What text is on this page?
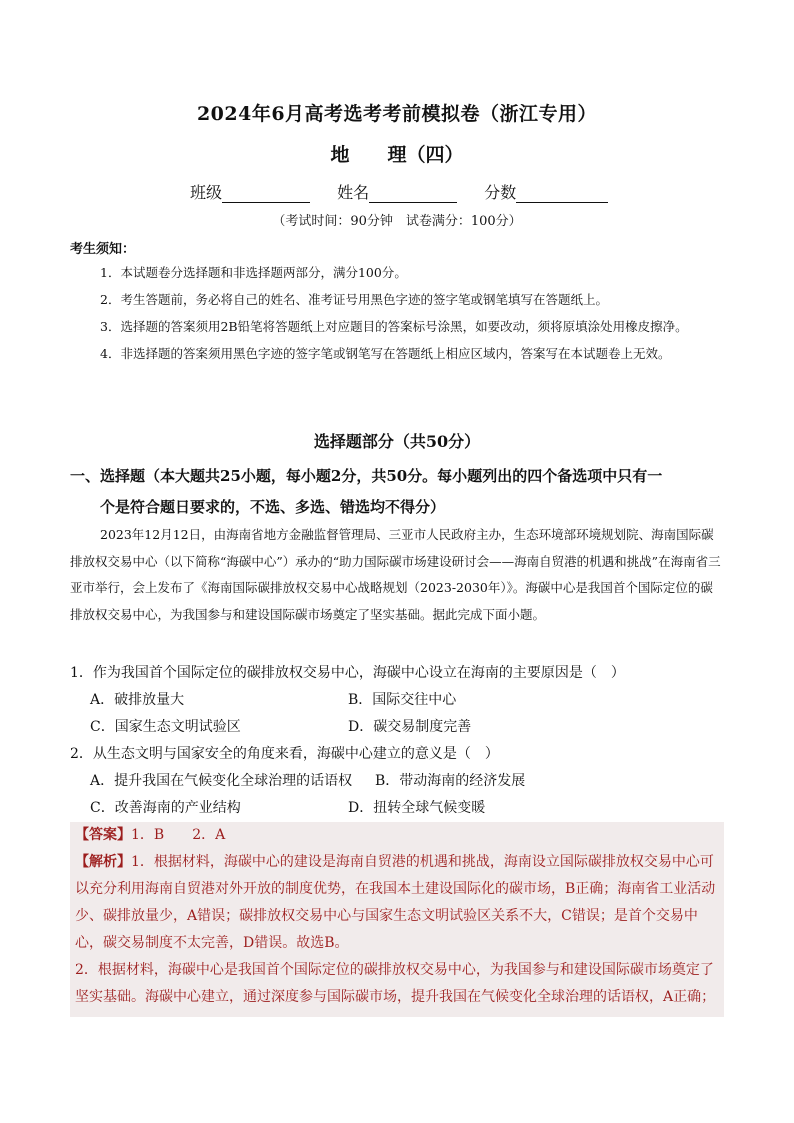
2024年6月高考选考考前模拟卷（浙江专用）
地 理（四）
班级	姓名	分数
（考试时间：90分钟　试卷满分：100分）
考生须知：

1．本试题卷分选择题和非选择题两部分，满分100分。

2．考生答题前，务必将自己的姓名、准考证号用黑色字迹的签字笔或钢笔填写在答题纸上。

3．选择题的答案须用2B铅笔将答题纸上对应题目的答案标号涂黑，如要改动，须将原填涂处用橡皮擦净。

4．非选择题的答案须用黑色字迹的签字笔或钢笔写在答题纸上相应区域内，答案写在本试题卷上无效。

选择题部分（共50分）
一、选择题（本大题共25小题，每小题2分，共50分。每小题列出的四个备选项中只有一
个是符合题日要求的，不选、多选、错选均不得分）

2023年12月12日，由海南省地方金融监督管理局、三亚市人民政府主办，生态环境部环境规划院、海南国际碳排放权交易中心（以下简称“海碳中心”）承办的“助力国际碳市场建设研讨会——海南自贸港的机遇和挑战”在海南省三亚市举行，会上发布了《海南国际碳排放权交易中心战略规划（2023-2030年）》。海碳中心是我国首个国际定位的碳排放权交易中心，为我国参与和建设国际碳市场奠定了坚实基础。据此完成下面小题。

1．作为我国首个国际定位的碳排放权交易中心，海碳中心设立在海南的主要原因是（　）
A．破排放量大	B．国际交往中心
C．国家生态文明试验区	D．碳交易制度完善
2．从生态文明与国家安全的角度来看，海碳中心建立的意义是（　）
A．提升我国在气候变化全球治理的话语权 B．带动海南的经济发展
C．改善海南的产业结构	D．扭转全球气候变暖
【答案】1．B　　2．A
【解析】1．根据材料，海碳中心的建设是海南自贸港的机遇和挑战，海南设立国际碳排放权交易中心可
以充分利用海南自贸港对外开放的制度优势，在我国本土建设国际化的碳市场，B正确；海南省工业活动
少、碳排放量少，A错误；碳排放权交易中心与国家生态文明试验区关系不大，C错误；是首个交易中
心，碳交易制度不太完善，D错误。故选B。
2．根据材料，海碳中心是我国首个国际定位的碳排放权交易中心，为我国参与和建设国际碳市场奠定了
坚实基础。海碳中心建立，通过深度参与国际碳市场，提升我国在气候变化全球治理的话语权，A正确；
